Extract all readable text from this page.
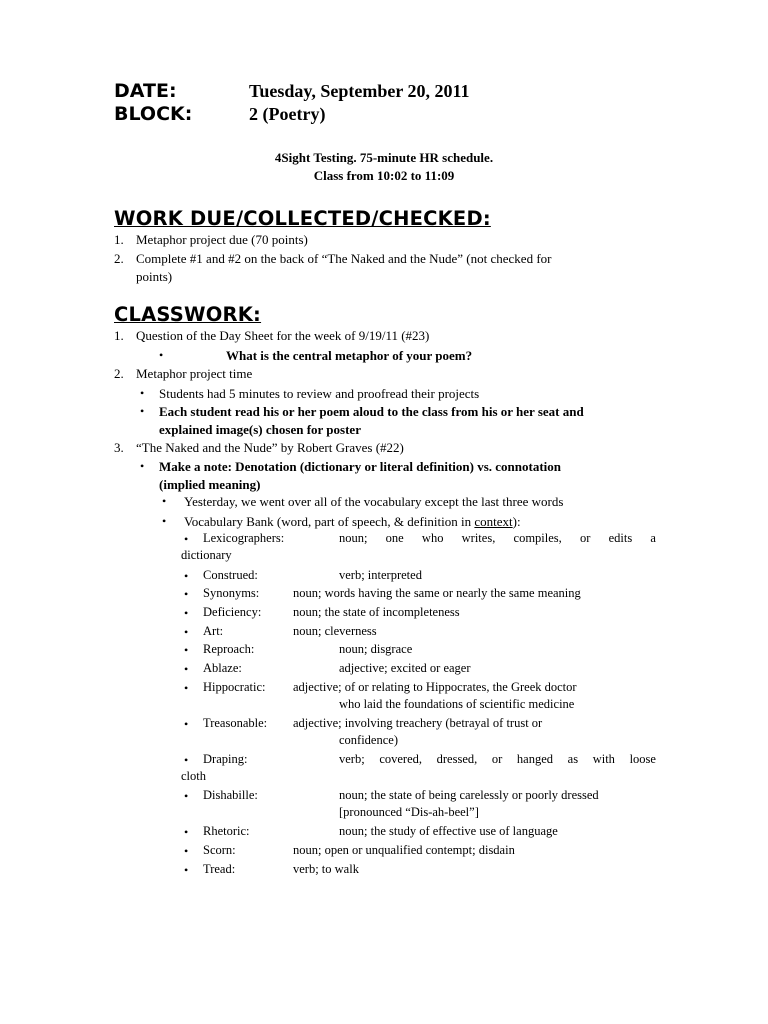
DATE:	Tuesday, September 20, 2011
BLOCK:	2 (Poetry)
4Sight Testing. 75-minute HR schedule.
Class from 10:02 to 11:09
WORK DUE/COLLECTED/CHECKED:
1. Metaphor project due (70 points)
2. Complete #1 and #2 on the back of “The Naked and the Nude” (not checked for
points)
CLASSWORK:
1. Question of the Day Sheet for the week of 9/19/11 (#23)
•	What is the central metaphor of your poem?
2. Metaphor project time
• Students had 5 minutes to review and proofread their projects
• Each student read his or her poem aloud to the class from his or her seat and
explained image(s) chosen for poster
3. “The Naked and the Nude” by Robert Graves (#22)
• Make a note: Denotation (dictionary or literal definition) vs. connotation
(implied meaning)
• Yesterday, we went over all of the vocabulary except the last three words
• Vocabulary Bank (word, part of speech, & definition in context):
• Lexicographers:	noun; one who writes, compiles, or edits a
dictionary
• Construed:	verb; interpreted
• Synonyms:	noun; words having the same or nearly the same meaning
• Deficiency:	noun; the state of incompleteness
• Art:	noun; cleverness
• Reproach:	noun; disgrace
• Ablaze:	adjective; excited or eager
• Hippocratic: adjective; of or relating to Hippocrates, the Greek doctor
who laid the foundations of scientific medicine
• Treasonable: adjective; involving treachery (betrayal of trust or
confidence)
• Draping:	verb; covered, dressed, or hanged as with loose
cloth
• Dishabille:	noun; the state of being carelessly or poorly dressed
[pronounced “Dis-ah-beel”]
• Rhetoric:	noun; the study of effective use of language
• Scorn:	noun; open or unqualified contempt; disdain
• Tread:	verb; to walk
